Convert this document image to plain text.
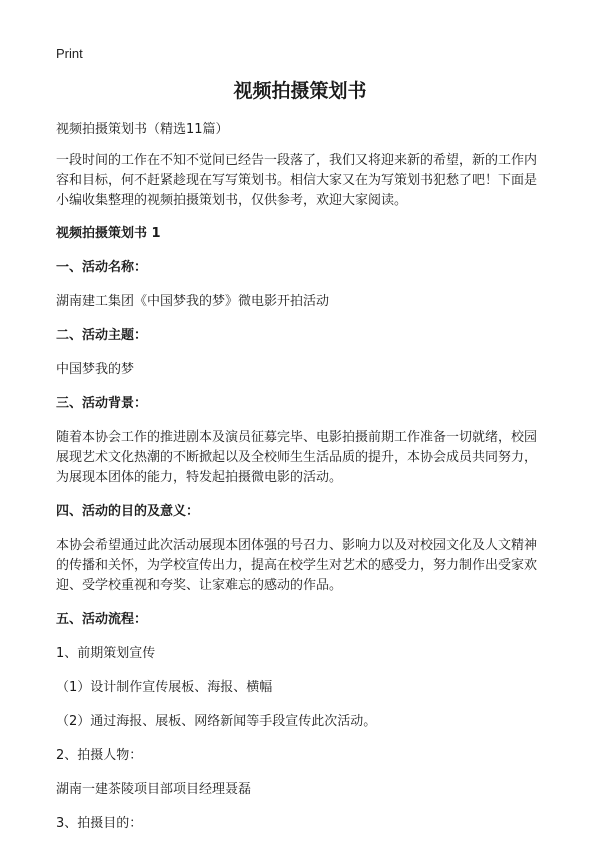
Print
视频拍摄策划书

视频拍摄策划书（精选11篇）

一段时间的工作在不知不觉间已经告一段落了，我们又将迎来新的希望，新的工作内容和目标，何不赶紧趁现在写写策划书。相信大家又在为写策划书犯愁了吧！下面是小编收集整理的视频拍摄策划书，仅供参考，欢迎大家阅读。

视频拍摄策划书 1

一、活动名称：

湖南建工集团《中国梦我的梦》微电影开拍活动

二、活动主题：

中国梦我的梦

三、活动背景：

随着本协会工作的推进剧本及演员征募完毕、电影拍摄前期工作准备一切就绪，校园展现艺术文化热潮的不断掀起以及全校师生生活品质的提升，本协会成员共同努力，为展现本团体的能力，特发起拍摄微电影的活动。

四、活动的目的及意义：

本协会希望通过此次活动展现本团体强的号召力、影响力以及对校园文化及人文精神的传播和关怀，为学校宣传出力，提高在校学生对艺术的感受力，努力制作出受家欢迎、受学校重视和夸奖、让家难忘的感动的作品。

五、活动流程：

1、前期策划宣传

（1）设计制作宣传展板、海报、横幅

（2）通过海报、展板、网络新闻等手段宣传此次活动。

2、拍摄人物：

湖南一建茶陵项目部项目经理聂磊

3、拍摄目的：
